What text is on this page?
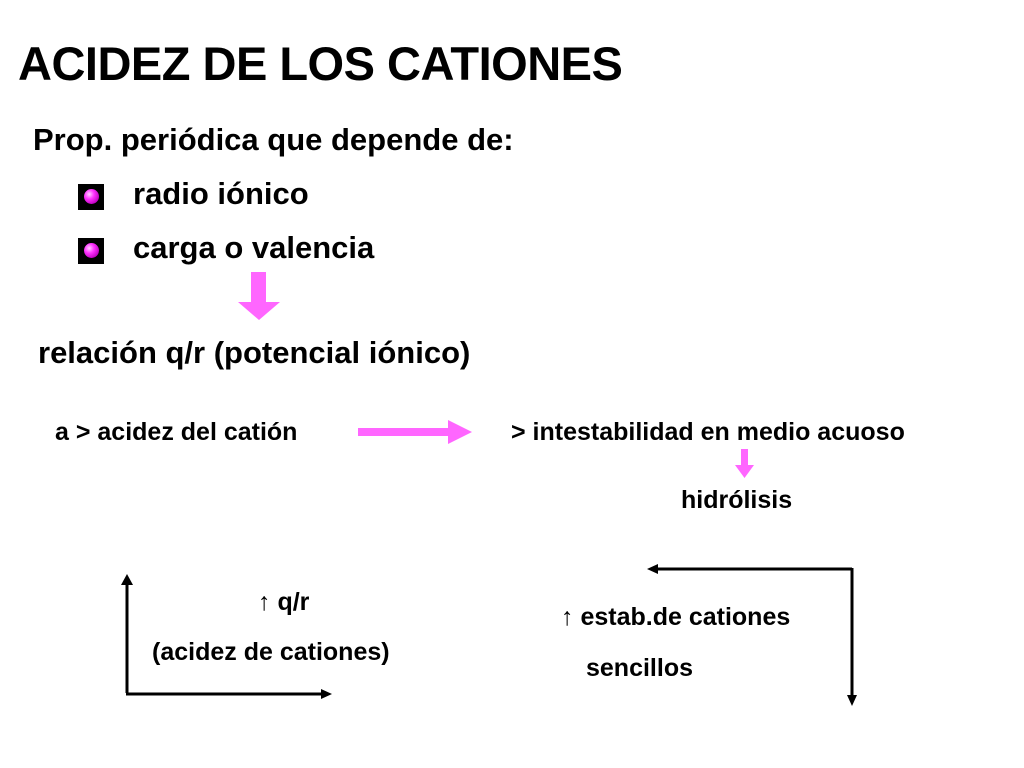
ACIDEZ DE LOS CATIONES
Prop. periódica que depende de:
radio iónico
carga o valencia
relación q/r (potencial iónico)
a > acidez del catión	> intestabilidad en medio acuoso
hidrólisis
↑ q/r
(acidez de cationes)
↑ estab.de cationes
sencillos
